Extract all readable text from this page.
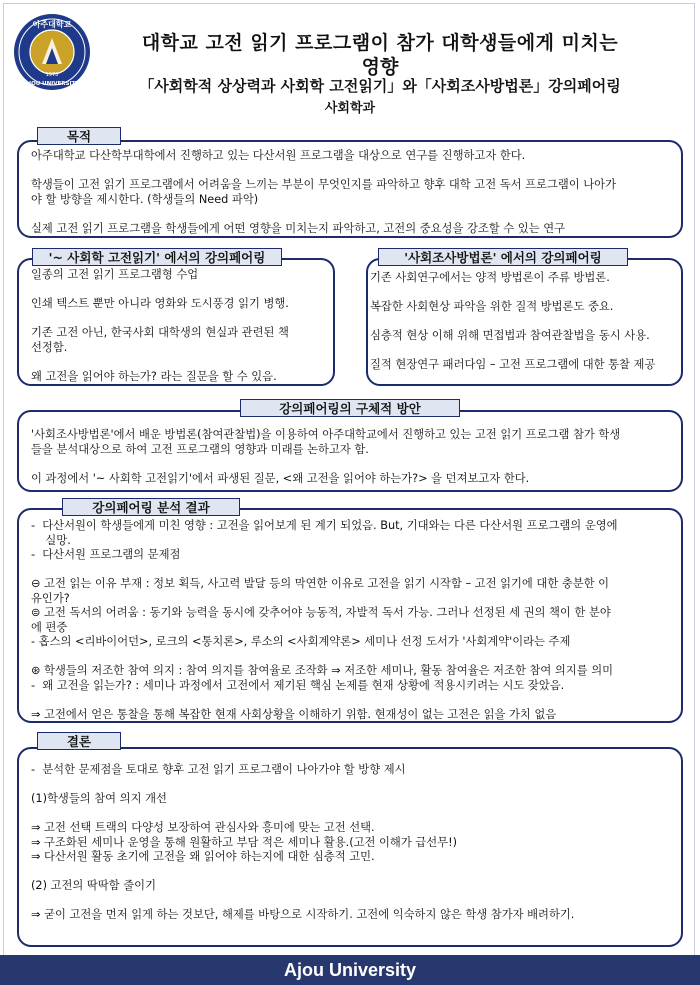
아주대학교
AJOU UNIVERSITY
1973
대학교 고전 읽기 프로그램이 참가 대학생들에게 미치는
영향
「사회학적 상상력과 사회학 고전읽기」와「사회조사방법론」강의페어링
사회학과
목적
아주대학교 다산학부대학에서 진행하고 있는 다산서원 프로그램을 대상으로 연구를 진행하고자 한다.

학생들이 고전 읽기 프로그램에서 어려움을 느끼는 부분이 무엇인지를 파악하고 향후 대학 고전 독서 프로그램이 나아가
야 할 방향을 제시한다. (학생들의 Need 파악)

실제 고전 읽기 프로그램을 학생들에게 어떤 영향을 미치는지 파악하고, 고전의 중요성을 강조할 수 있는 연구
'~ 사회학 고전읽기' 에서의 강의페어링
일종의 고전 읽기 프로그램형 수업

인쇄 텍스트 뿐만 아니라 영화와 도시풍경 읽기 병행.

기존 고전 아닌, 한국사회 대학생의 현실과 관련된 책
선정함.

왜 고전을 읽어야 하는가? 라는 질문을 할 수 있음.
'사회조사방법론' 에서의 강의페어링
기존 사회연구에서는 양적 방법론이 주류 방법론.

복잡한 사회현상 파악을 위한 질적 방법론도 중요.

심층적 현상 이해 위해 면접법과 참여관찰법을 동시 사용.

질적 현장연구 패러다임 – 고전 프로그램에 대한 통찰 제공
강의페어링의 구체적 방안
'사회조사방법론'에서 배운 방법론(참여관찰법)을 이용하여 아주대학교에서 진행하고 있는 고전 읽기 프로그램 참가 학생
들을 분석대상으로 하여 고전 프로그램의 영향과 미래를 논하고자 함.

이 과정에서 '~ 사회학 고전읽기'에서 파생된 질문, <왜 고전을 읽어야 하는가?> 을 던져보고자 한다.
강의페어링 분석 결과
-  다산서원이 학생들에게 미친 영향 : 고전을 읽어보게 된 계기 되었음. But, 기대와는 다른 다산서원 프로그램의 운영에
실망.
-  다산서원 프로그램의 문제점

⊖ 고전 읽는 이유 부재 : 정보 획득, 사고력 발달 등의 막연한 이유로 고전을 읽기 시작함 – 고전 읽기에 대한 충분한 이
유인가?
⊜ 고전 독서의 어려움 : 동기와 능력을 동시에 갖추어야 능동적, 자발적 독서 가능. 그러나 선정된 세 권의 책이 한 분야
에 편중
- 홉스의 <리바이어던>, 로크의 <통치론>, 루소의 <사회계약론> 세미나 선정 도서가 '사회계약'이라는 주제

⊛ 학생들의 저조한 참여 의지 : 참여 의지를 참여율로 조작화 ⇒ 저조한 세미나, 활동 참여율은 저조한 참여 의지를 의미
-  왜 고전을 읽는가? : 세미나 과정에서 고전에서 제기된 핵심 논제를 현재 상황에 적용시키려는 시도 잦았음.

⇒ 고전에서 얻은 통찰을 통해 복잡한 현재 사회상황을 이해하기 위함. 현재성이 없는 고전은 읽을 가치 없음
결론
-  분석한 문제점을 토대로 향후 고전 읽기 프로그램이 나아가야 할 방향 제시

(1)학생들의 참여 의지 개선

⇒ 고전 선택 트랙의 다양성 보장하여 관심사와 흥미에 맞는 고전 선택.
⇒ 구조화된 세미나 운영을 통해 원활하고 부담 적은 세미나 활용.(고전 이해가 급선무!)
⇒ 다산서원 활동 초기에 고전을 왜 읽어야 하는지에 대한 심층적 고민.

(2) 고전의 딱딱함 줄이기

⇒ 굳이 고전을 먼저 읽게 하는 것보단, 해제를 바탕으로 시작하기. 고전에 익숙하지 않은 학생 참가자 배려하기.
Ajou University
